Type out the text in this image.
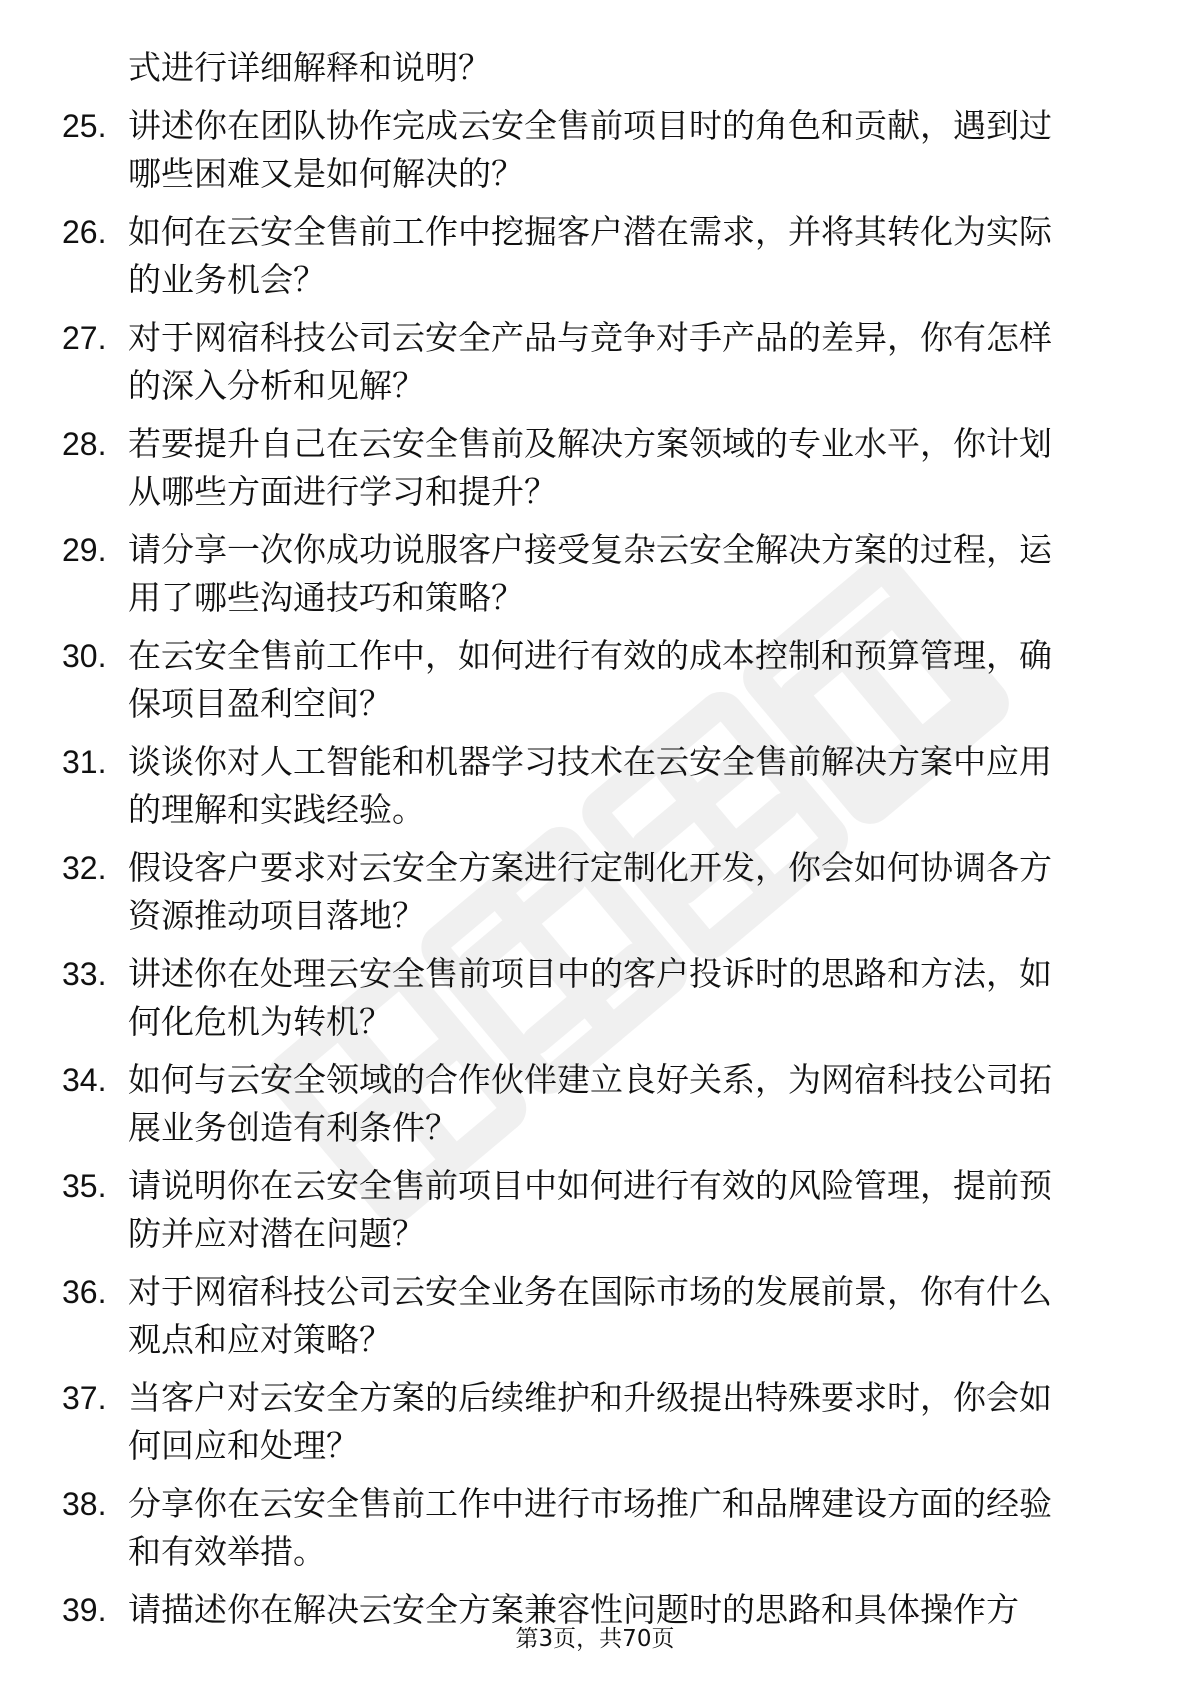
式进行详细解释和说明？
25. 讲述你在团队协作完成云安全售前项目时的角色和贡献，遇到过
哪些困难又是如何解决的？
26. 如何在云安全售前工作中挖掘客户潜在需求，并将其转化为实际
的业务机会？
27. 对于网宿科技公司云安全产品与竞争对手产品的差异，你有怎样
的深入分析和见解？
28. 若要提升自己在云安全售前及解决方案领域的专业水平，你计划
从哪些方面进行学习和提升？
29. 请分享一次你成功说服客户接受复杂云安全解决方案的过程，运
用了哪些沟通技巧和策略？
30. 在云安全售前工作中，如何进行有效的成本控制和预算管理，确
保项目盈利空间？
31. 谈谈你对人工智能和机器学习技术在云安全售前解决方案中应用
的理解和实践经验。
32. 假设客户要求对云安全方案进行定制化开发，你会如何协调各方
资源推动项目落地？
33. 讲述你在处理云安全售前项目中的客户投诉时的思路和方法，如
何化危机为转机？
34. 如何与云安全领域的合作伙伴建立良好关系，为网宿科技公司拓
展业务创造有利条件？
35. 请说明你在云安全售前项目中如何进行有效的风险管理，提前预
防并应对潜在问题？
36. 对于网宿科技公司云安全业务在国际市场的发展前景，你有什么
观点和应对策略？
37. 当客户对云安全方案的后续维护和升级提出特殊要求时，你会如
何回应和处理？
38. 分享你在云安全售前工作中进行市场推广和品牌建设方面的经验
和有效举措。
39. 请描述你在解决云安全方案兼容性问题时的思路和具体操作方
第3页，共70页
